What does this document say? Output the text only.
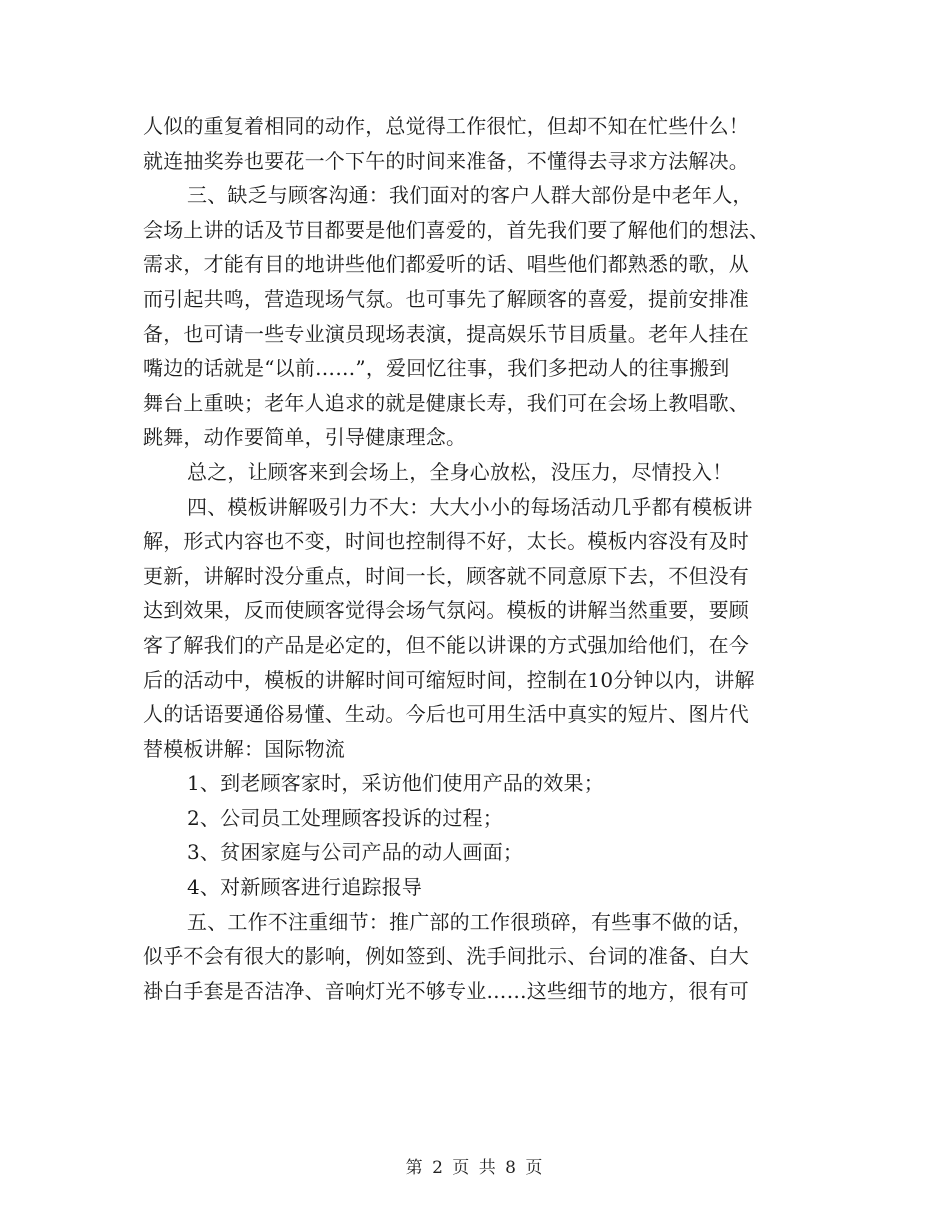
人似的重复着相同的动作，总觉得工作很忙，但却不知在忙些什么！
就连抽奖券也要花一个下午的时间来准备，不懂得去寻求方法解决。
三、缺乏与顾客沟通：我们面对的客户人群大部份是中老年人，
会场上讲的话及节目都要是他们喜爱的，首先我们要了解他们的想法、
需求，才能有目的地讲些他们都爱听的话、唱些他们都熟悉的歌，从
而引起共鸣，营造现场气氛。也可事先了解顾客的喜爱，提前安排准
备，也可请一些专业演员现场表演，提高娱乐节目质量。老年人挂在
嘴边的话就是“以前……”，爱回忆往事，我们多把动人的往事搬到
舞台上重映；老年人追求的就是健康长寿，我们可在会场上教唱歌、
跳舞，动作要简单，引导健康理念。
总之，让顾客来到会场上，全身心放松，没压力，尽情投入！
四、模板讲解吸引力不大：大大小小的每场活动几乎都有模板讲
解，形式内容也不变，时间也控制得不好，太长。模板内容没有及时
更新，讲解时没分重点，时间一长，顾客就不同意原下去，不但没有
达到效果，反而使顾客觉得会场气氛闷。模板的讲解当然重要，要顾
客了解我们的产品是必定的，但不能以讲课的方式强加给他们，在今
后的活动中，模板的讲解时间可缩短时间，控制在10分钟以内，讲解
人的话语要通俗易懂、生动。今后也可用生活中真实的短片、图片代
替模板讲解：国际物流
1、到老顾客家时，采访他们使用产品的效果；
2、公司员工处理顾客投诉的过程；
3、贫困家庭与公司产品的动人画面；
4、对新顾客进行追踪报导
五、工作不注重细节：推广部的工作很琐碎，有些事不做的话，
似乎不会有很大的影响，例如签到、洗手间批示、台词的准备、白大
褂白手套是否洁净、音响灯光不够专业……这些细节的地方，很有可
第 2 页 共 8 页
